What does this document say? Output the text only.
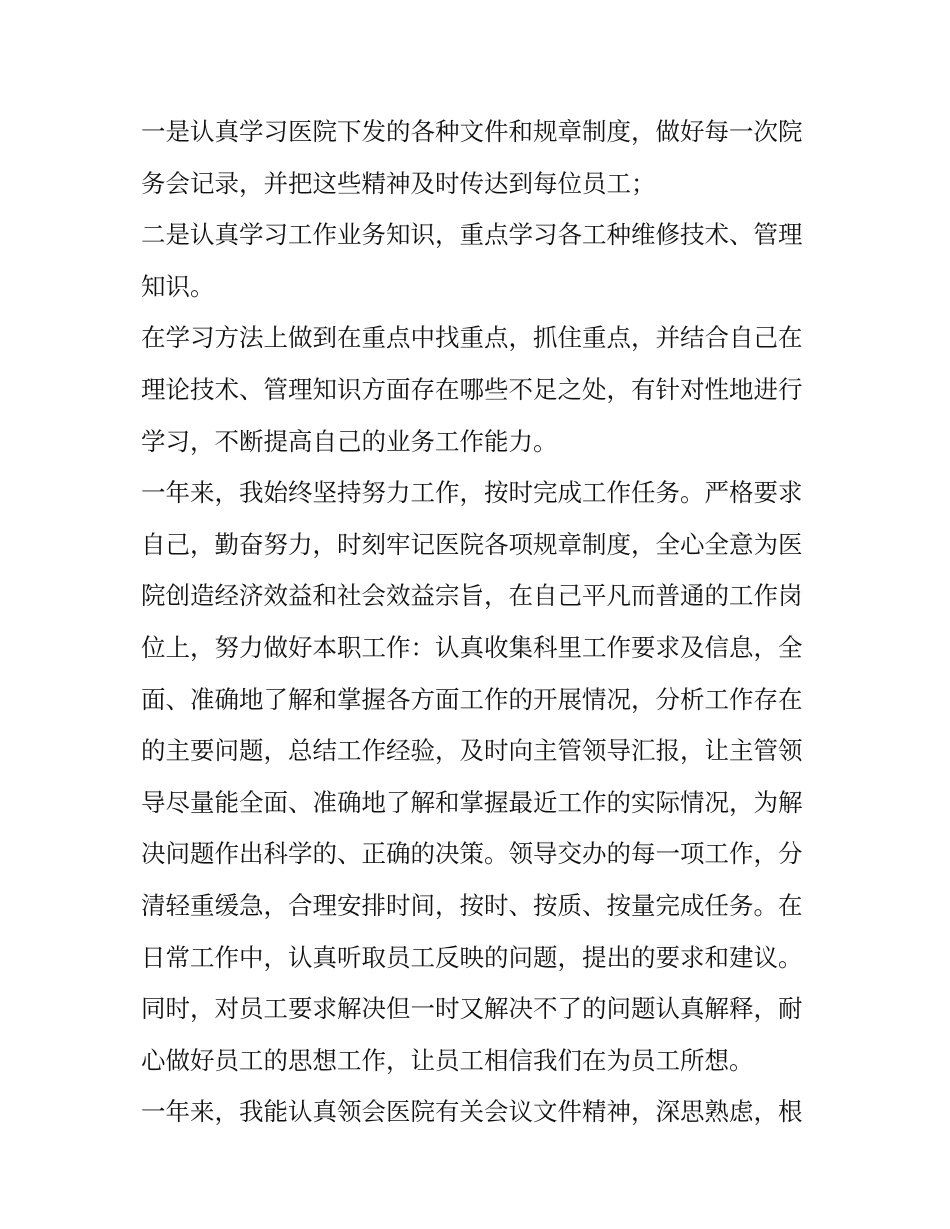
一是认真学习医院下发的各种文件和规章制度，做好每一次院
务会记录，并把这些精神及时传达到每位员工；
二是认真学习工作业务知识，重点学习各工种维修技术、管理
知识。
在学习方法上做到在重点中找重点，抓住重点，并结合自己在
理论技术、管理知识方面存在哪些不足之处，有针对性地进行
学习，不断提高自己的业务工作能力。
一年来，我始终坚持努力工作，按时完成工作任务。严格要求
自己，勤奋努力，时刻牢记医院各项规章制度，全心全意为医
院创造经济效益和社会效益宗旨，在自己平凡而普通的工作岗
位上，努力做好本职工作：认真收集科里工作要求及信息，全
面、准确地了解和掌握各方面工作的开展情况，分析工作存在
的主要问题，总结工作经验，及时向主管领导汇报，让主管领
导尽量能全面、准确地了解和掌握最近工作的实际情况，为解
决问题作出科学的、正确的决策。领导交办的每一项工作，分
清轻重缓急，合理安排时间，按时、按质、按量完成任务。在
日常工作中，认真听取员工反映的问题，提出的要求和建议。
同时，对员工要求解决但一时又解决不了的问题认真解释，耐
心做好员工的思想工作，让员工相信我们在为员工所想。
一年来，我能认真领会医院有关会议文件精神，深思熟虑，根
